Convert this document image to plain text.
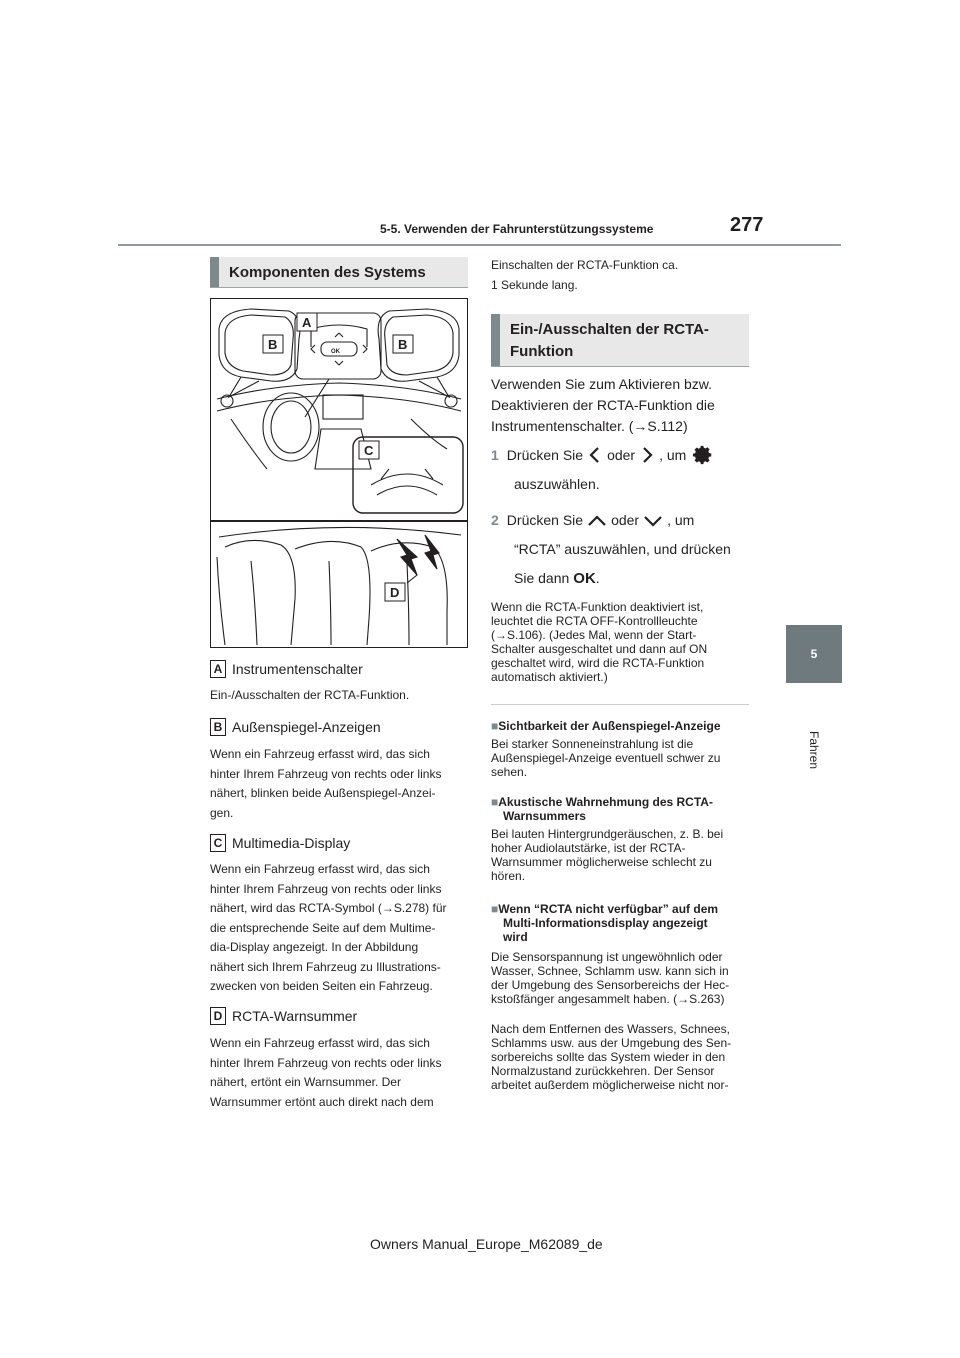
5-5. Verwenden der Fahrunterstützungssysteme	277
5
Fahren
Komponenten des Systems
A
B	B
C
D
OK
A Instrumentenschalter
Ein-/Ausschalten der RCTA-Funktion.
B Außenspiegel-Anzeigen
Wenn ein Fahrzeug erfasst wird, das sich
hinter Ihrem Fahrzeug von rechts oder links
nähert, blinken beide Außenspiegel-Anzei-
gen.
C Multimedia-Display
Wenn ein Fahrzeug erfasst wird, das sich
hinter Ihrem Fahrzeug von rechts oder links
nähert, wird das RCTA-Symbol (→S.278) für
die entsprechende Seite auf dem Multime-
dia-Display angezeigt. In der Abbildung
nähert sich Ihrem Fahrzeug zu Illustrations-
zwecken von beiden Seiten ein Fahrzeug.
D RCTA-Warnsummer
Wenn ein Fahrzeug erfasst wird, das sich
hinter Ihrem Fahrzeug von rechts oder links
nähert, ertönt ein Warnsummer. Der
Warnsummer ertönt auch direkt nach dem
Einschalten der RCTA-Funktion ca.
1 Sekunde lang.
Ein-/Ausschalten der RCTA-
Funktion
Verwenden Sie zum Aktivieren bzw.
Deaktivieren der RCTA-Funktion die
Instrumentenschalter. (→S.112)
1 Drücken Sie oder , um
auszuwählen.
2 Drücken Sie oder , um
“RCTA” auszuwählen, und drücken
Sie dann OK .
Wenn die RCTA-Funktion deaktiviert ist,
leuchtet die RCTA OFF-Kontrollleuchte
(→S.106). (Jedes Mal, wenn der Start-
Schalter ausgeschaltet und dann auf ON
geschaltet wird, wird die RCTA-Funktion
automatisch aktiviert.)
■Sichtbarkeit der Außenspiegel-Anzeige
Bei starker Sonneneinstrahlung ist die
Außenspiegel-Anzeige eventuell schwer zu
sehen.
■Akustische Wahrnehmung des RCTA-
Warnsummers
Bei lauten Hintergrundgeräuschen, z. B. bei
hoher Audiolautstärke, ist der RCTA-
Warnsummer möglicherweise schlecht zu
hören.
■Wenn “RCTA nicht verfügbar” auf dem
Multi-Informationsdisplay angezeigt
wird
Die Sensorspannung ist ungewöhnlich oder
Wasser, Schnee, Schlamm usw. kann sich in
der Umgebung des Sensorbereichs der Hec-
kstoßfänger angesammelt haben. (→S.263)
Nach dem Entfernen des Wassers, Schnees,
Schlamms usw. aus der Umgebung des Sen-
sorbereichs sollte das System wieder in den
Normalzustand zurückkehren. Der Sensor
arbeitet außerdem möglicherweise nicht nor-
Owners Manual_Europe_M62089_de
